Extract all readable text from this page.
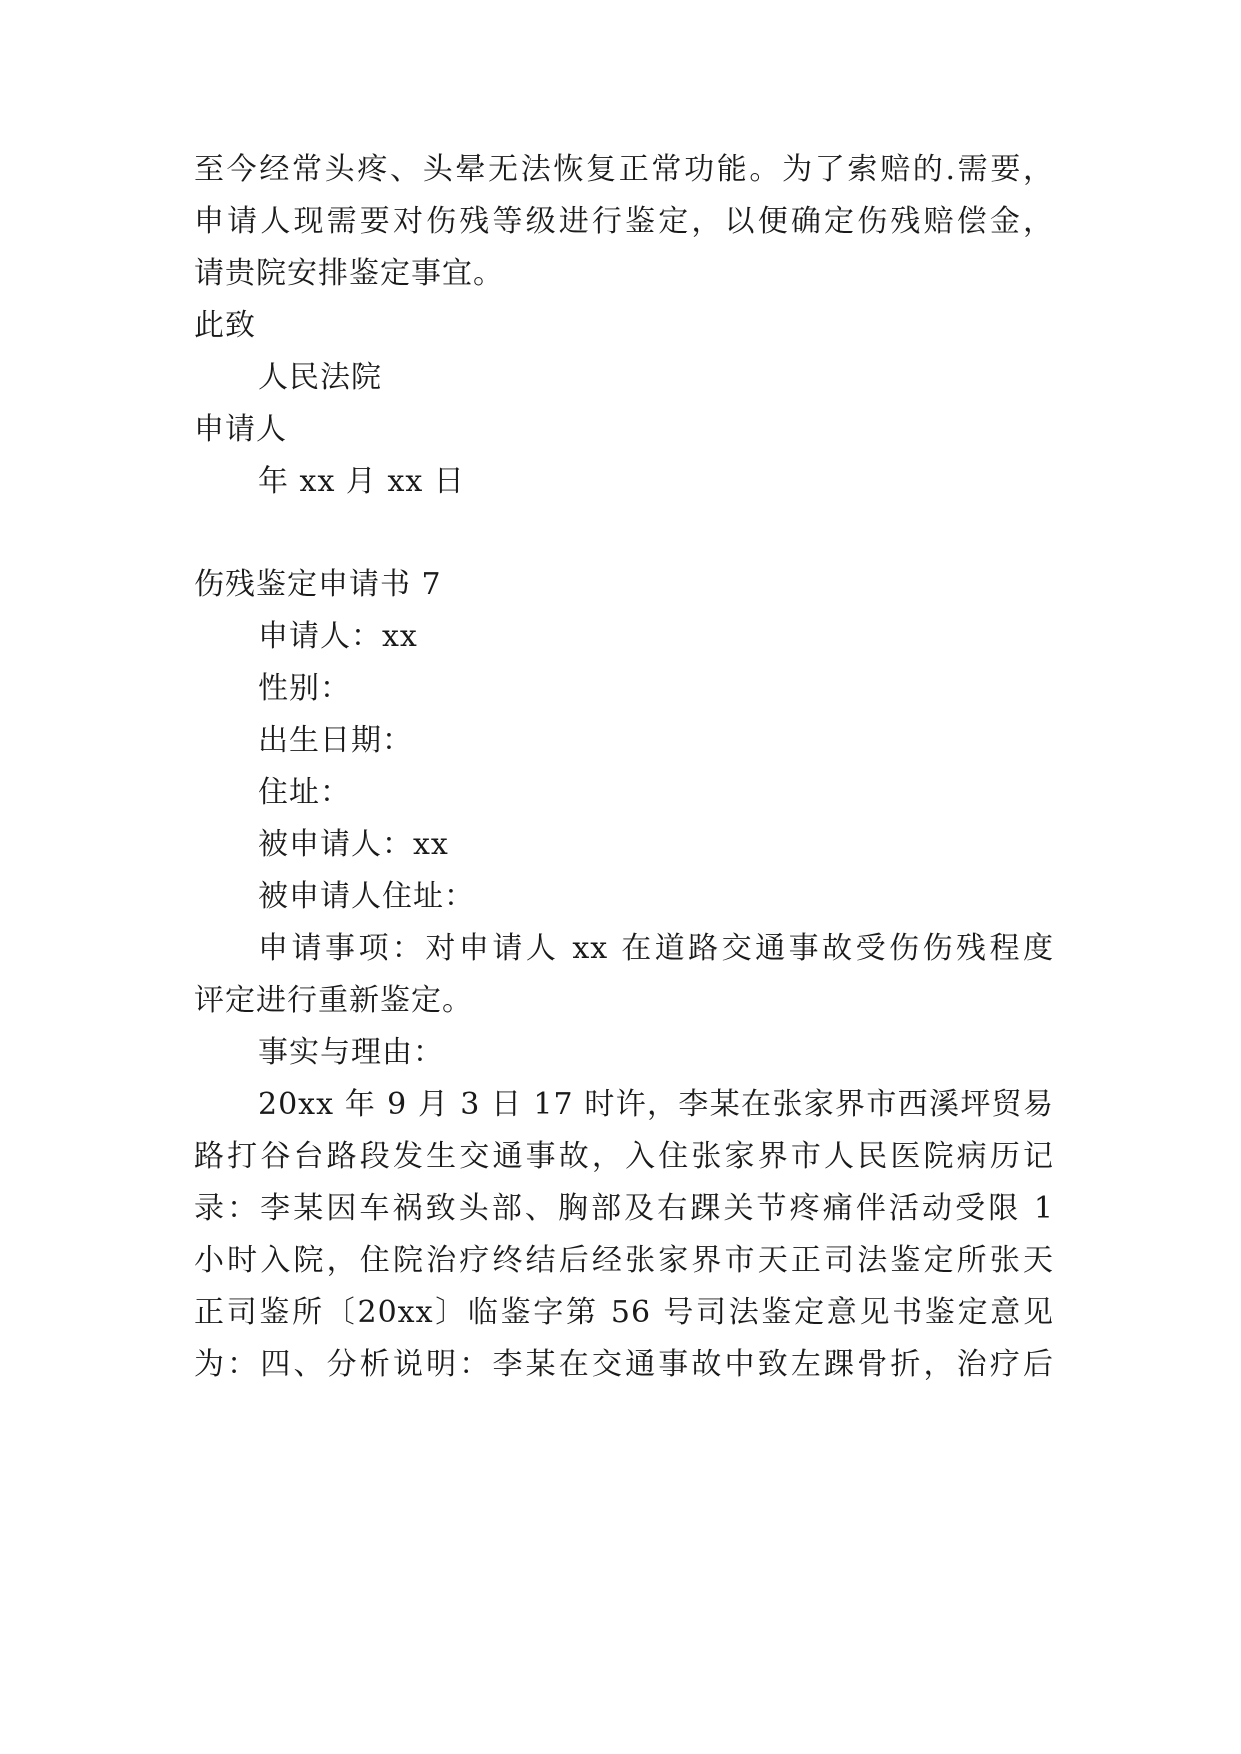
至今经常头疼、头晕无法恢复正常功能。为了索赔的.需要，
申请人现需要对伤残等级进行鉴定，以便确定伤残赔偿金，
请贵院安排鉴定事宜。
此致
人民法院
申请人
年 xx 月 xx 日
伤残鉴定申请书 7
申请人：xx
性别：
出生日期：
住址：
被申请人：xx
被申请人住址：
申请事项：对申请人 xx 在道路交通事故受伤伤残程度
评定进行重新鉴定。
事实与理由：
20xx 年 9 月 3 日 17 时许，李某在张家界市西溪坪贸易
路打谷台路段发生交通事故，入住张家界市人民医院病历记
录：李某因车祸致头部、胸部及右踝关节疼痛伴活动受限 1
小时入院，住院治疗终结后经张家界市天正司法鉴定所张天
正司鉴所〔20xx〕临鉴字第 56 号司法鉴定意见书鉴定意见
为：四、分析说明：李某在交通事故中致左踝骨折，治疗后
